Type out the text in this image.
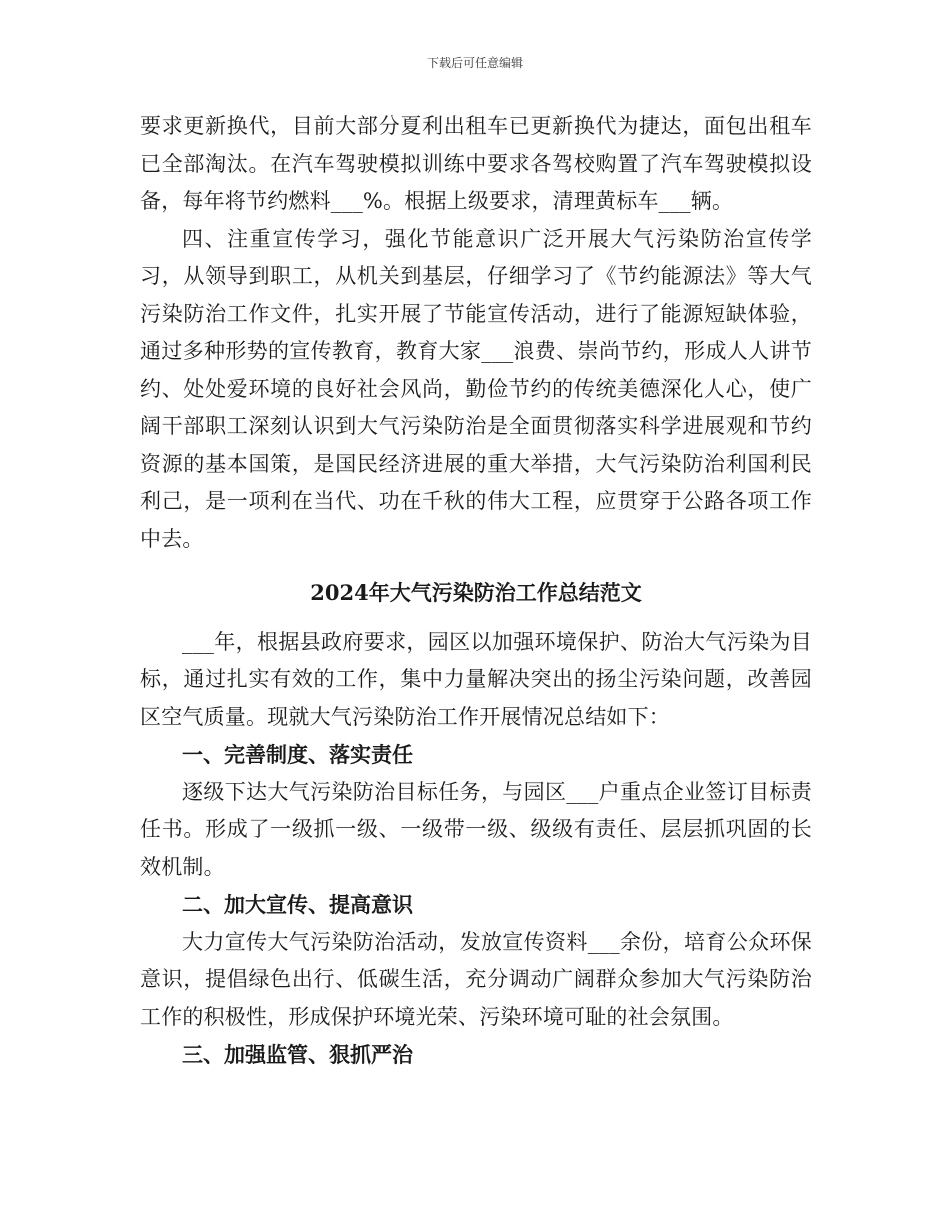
下载后可任意编辑

要求更新换代，目前大部分夏利出租车已更新换代为捷达，面包出租车已全部淘汰。在汽车驾驶模拟训练中要求各驾校购置了汽车驾驶模拟设备，每年将节约燃料___%。根据上级要求，清理黄标车___辆。

四、注重宣传学习，强化节能意识广泛开展大气污染防治宣传学习，从领导到职工，从机关到基层，仔细学习了《节约能源法》等大气污染防治工作文件，扎实开展了节能宣传活动，进行了能源短缺体验，通过多种形势的宣传教育，教育大家___浪费、崇尚节约，形成人人讲节约、处处爱环境的良好社会风尚，勤俭节约的传统美德深化人心，使广阔干部职工深刻认识到大气污染防治是全面贯彻落实科学进展观和节约资源的基本国策，是国民经济进展的重大举措，大气污染防治利国利民利己，是一项利在当代、功在千秋的伟大工程，应贯穿于公路各项工作中去。

2024年大气污染防治工作总结范文

___年，根据县政府要求，园区以加强环境保护、防治大气污染为目标，通过扎实有效的工作，集中力量解决突出的扬尘污染问题，改善园区空气质量。现就大气污染防治工作开展情况总结如下：

一、完善制度、落实责任

逐级下达大气污染防治目标任务，与园区___户重点企业签订目标责任书。形成了一级抓一级、一级带一级、级级有责任、层层抓巩固的长效机制。

二、加大宣传、提高意识

大力宣传大气污染防治活动，发放宣传资料___余份，培育公众环保意识，提倡绿色出行、低碳生活，充分调动广阔群众参加大气污染防治工作的积极性，形成保护环境光荣、污染环境可耻的社会氛围。

三、加强监管、狠抓严治
